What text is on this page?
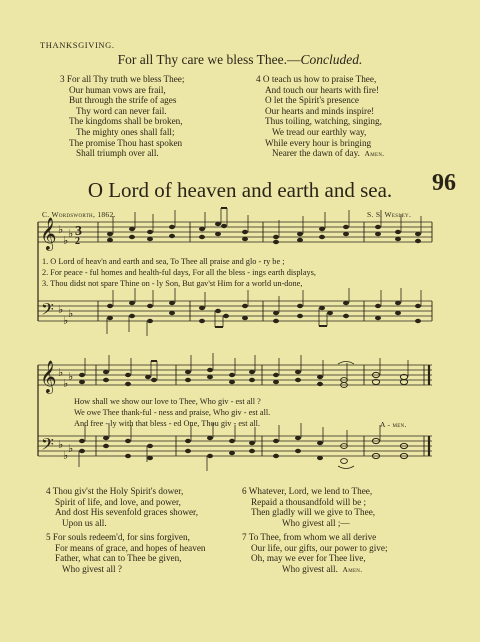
THANKSGIVING.
For all Thy care we bless Thee.—Concluded.
3 For all Thy truth we bless Thee;
Our human vows are frail,
But through the strife of ages
Thy word can never fail.
The kingdoms shall be broken,
The mighty ones shall fall;
The promise Thou hast spoken
Shall triumph over all.
4 O teach us how to praise Thee,
And touch our hearts with fire!
O let the Spirit's presence
Our hearts and minds inspire!
Thus toiling, watching, singing,
We tread our earthly way,
While every hour is bringing
Nearer the dawn of day. Amen.
O Lord of heaven and earth and sea.	96
C. Wordsworth, 1862.	S. S. Wesley.
𝄞
𝄢
♭
♭
♭
♭
♭
♭
3
2
𝄞
𝄢
♭
♭
♭
♭
♭
♭
1. O Lord of heav'n and earth and sea, To Thee all praise and glo - ry be ;
2. For peace - ful homes and health-ful days, For all the bless - ings earth displays,
3. Thou didst not spare Thine on - ly Son, But gav'st Him for a world un-done,
How shall we show our love to Thee, Who giv - est all ?
We owe Thee thank-ful - ness and praise, Who giv - est all.
And free - ly with that bless - ed One, Thou giv - est all.	A - men.
4 Thou giv'st the Holy Spirit's dower,
Spirit of life, and love, and power,
And dost His sevenfold graces shower,
Upon us all.
5 For souls redeem'd, for sins forgiven,
For means of grace, and hopes of heaven
Father, what can to Thee be given,
Who givest all ?
6 Whatever, Lord, we lend to Thee,
Repaid a thousandfold will be ;
Then gladly will we give to Thee,
Who givest all ;—
7 To Thee, from whom we all derive
Our life, our gifts, our power to give;
Oh, may we ever for Thee live,
Who givest all. Amen.
